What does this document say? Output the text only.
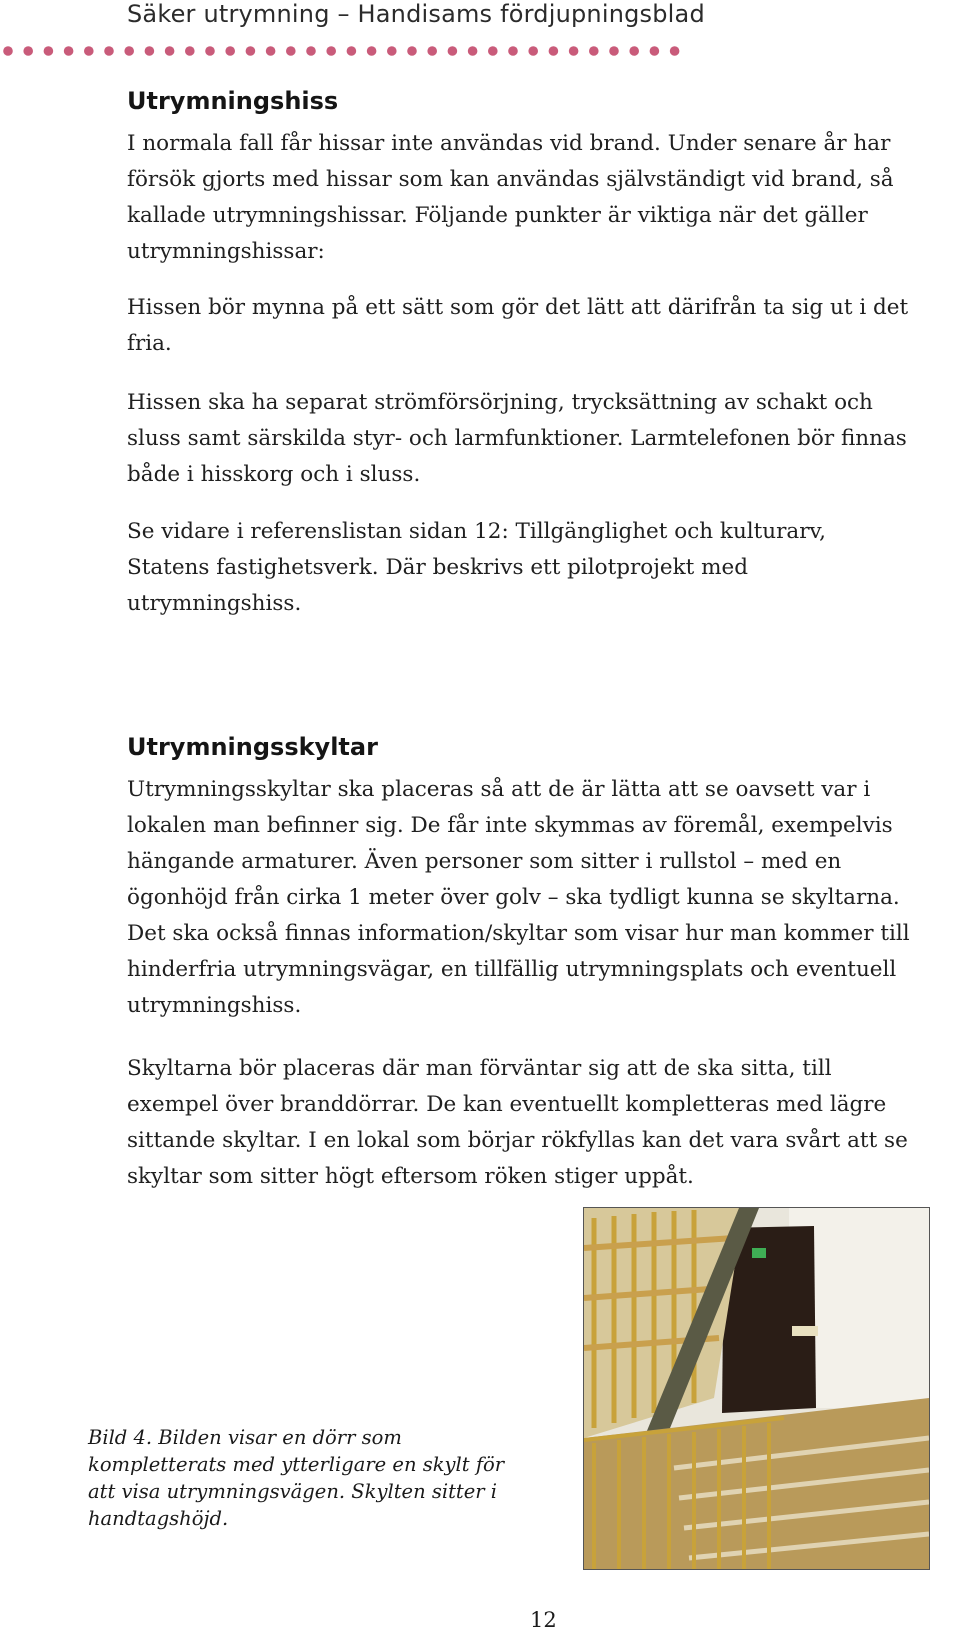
Säker utrymning – Handisams fördjupningsblad
Utrymningshiss

I normala fall får hissar inte användas vid brand. Under senare år har försök gjorts med hissar som kan användas självständigt vid brand, så kallade utrymningshissar. Följande punkter är viktiga när det gäller utrymningshissar:

Hissen bör mynna på ett sätt som gör det lätt att därifrån ta sig ut i det fria.

Hissen ska ha separat strömförsörjning, trycksättning av schakt och sluss samt särskilda styr- och larmfunktioner. Larmtelefonen bör finnas både i hisskorg och i sluss.

Se vidare i referenslistan sidan 12: Tillgänglighet och kulturarv, Statens fastighetsverk. Där beskrivs ett pilotprojekt med utrymningshiss.

Utrymningsskyltar

Utrymningsskyltar ska placeras så att de är lätta att se oavsett var i lokalen man befinner sig. De får inte skymmas av föremål, exempelvis hängande armaturer. Även personer som sitter i rullstol – med en ögonhöjd från cirka 1 meter över golv – ska tydligt kunna se skyltarna. Det ska också finnas information/skyltar som visar hur man kommer till hinderfria utrymningsvägar, en tillfällig utrymningsplats och eventuell utrymningshiss.

Skyltarna bör placeras där man förväntar sig att de ska sitta, till exempel över branddörrar. De kan eventuellt kompletteras med lägre sittande skyltar. I en lokal som börjar rökfyllas kan det vara svårt att se skyltar som sitter högt eftersom röken stiger uppåt.

Bild 4. Bilden visar en dörr som kompletterats med ytterligare en skylt för att visa utrymningsvägen. Skylten sitter i handtagshöjd.
12
